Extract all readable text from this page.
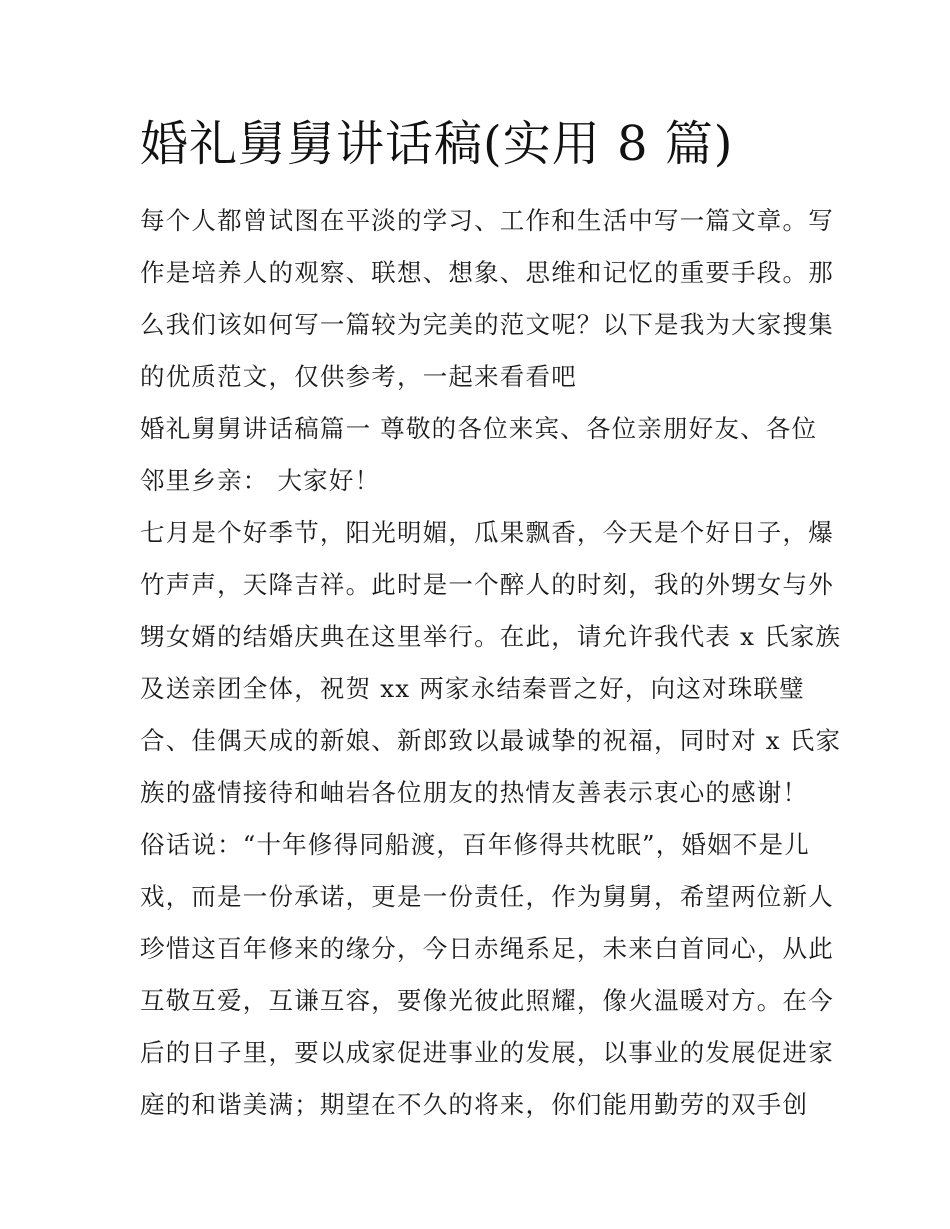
婚礼舅舅讲话稿(实用 8 篇)

每个人都曾试图在平淡的学习、工作和生活中写一篇文章。写

作是培养人的观察、联想、想象、思维和记忆的重要手段。那

么我们该如何写一篇较为完美的范文呢？以下是我为大家搜集

的优质范文，仅供参考，一起来看看吧

婚礼舅舅讲话稿篇一 尊敬的各位来宾、各位亲朋好友、各位

邻里乡亲： 大家好！

七月是个好季节，阳光明媚，瓜果飘香，今天是个好日子，爆

竹声声，天降吉祥。此时是一个醉人的时刻，我的外甥女与外

甥女婿的结婚庆典在这里举行。在此，请允许我代表 x 氏家族

及送亲团全体，祝贺 xx 两家永结秦晋之好，向这对珠联璧

合、佳偶天成的新娘、新郎致以最诚挚的祝福，同时对 x 氏家

族的盛情接待和岫岩各位朋友的热情友善表示衷心的感谢！

俗话说：“十年修得同船渡，百年修得共枕眠”，婚姻不是儿

戏，而是一份承诺，更是一份责任，作为舅舅，希望两位新人

珍惜这百年修来的缘分，今日赤绳系足，未来白首同心，从此

互敬互爱，互谦互容，要像光彼此照耀，像火温暖对方。在今

后的日子里，要以成家促进事业的发展，以事业的发展促进家

庭的和谐美满；期望在不久的将来，你们能用勤劳的双手创
